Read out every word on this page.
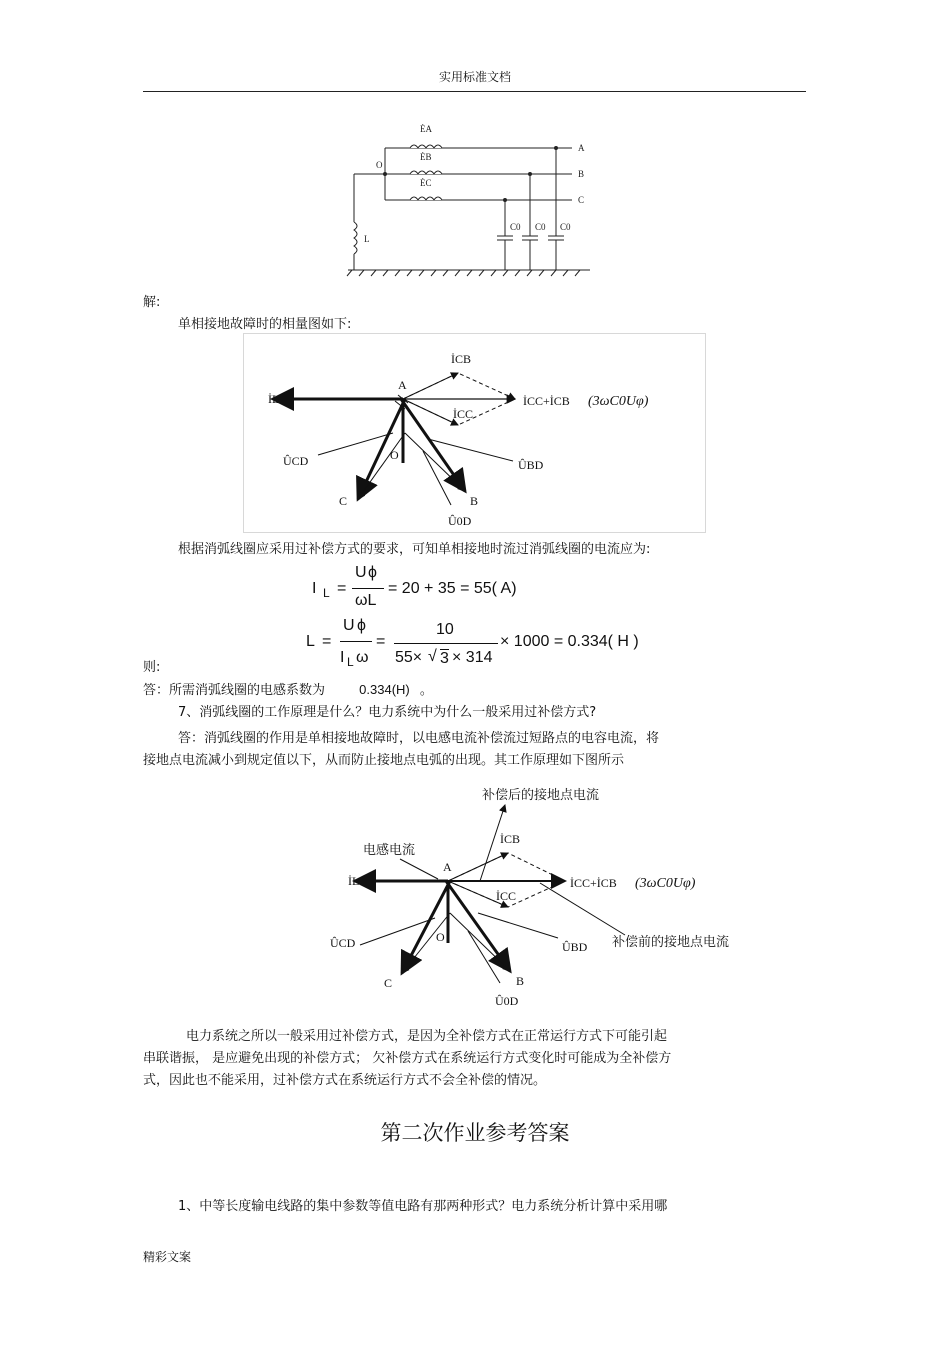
实用标准文档
ĖA
ĖB
ĖC
O
A
B
C
L
C0 C0 C0
解:
单相接地故障时的相量图如下:
İL
İCB
İCC
İCC+İCB (3ωC0Uφ)
A
O
B
C
ÛCD	ÛBD
Û0D
根据消弧线圈应采用过补偿方式的要求，可知单相接地时流过消弧线圈的电流应为:
I L =
U ϕ
ωL
= 20 + 35 = 55( A)
L =
U ϕ
I L ω
=
10
55× √ 3 × 314
× 1000 = 0.334( H )
则:
答：所需消弧线圈的电感系数为	0.334(H) 。
7、消弧线圈的工作原理是什么？电力系统中为什么一般采用过补偿方式?
答：消弧线圈的作用是单相接地故障时，以电感电流补偿流过短路点的电容电流，将
接地点电流减小到规定值以下，从而防止接地点电弧的出现。其工作原理如下图所示
补偿后的接地点电流
补偿前的接地点电流
电感电流
İL
İCB
İCC
İCC+İCB (3ωC0Uφ)
A
O
B
C
ÛCD	ÛBD
Û0D
电力系统之所以一般采用过补偿方式，是因为全补偿方式在正常运行方式下可能引起
串联谐振， 是应避免出现的补偿方式； 欠补偿方式在系统运行方式变化时可能成为全补偿方
式，因此也不能采用，过补偿方式在系统运行方式不会全补偿的情况。
第二次作业参考答案
1、中等长度输电线路的集中参数等值电路有那两种形式？电力系统分析计算中采用哪
精彩文案
